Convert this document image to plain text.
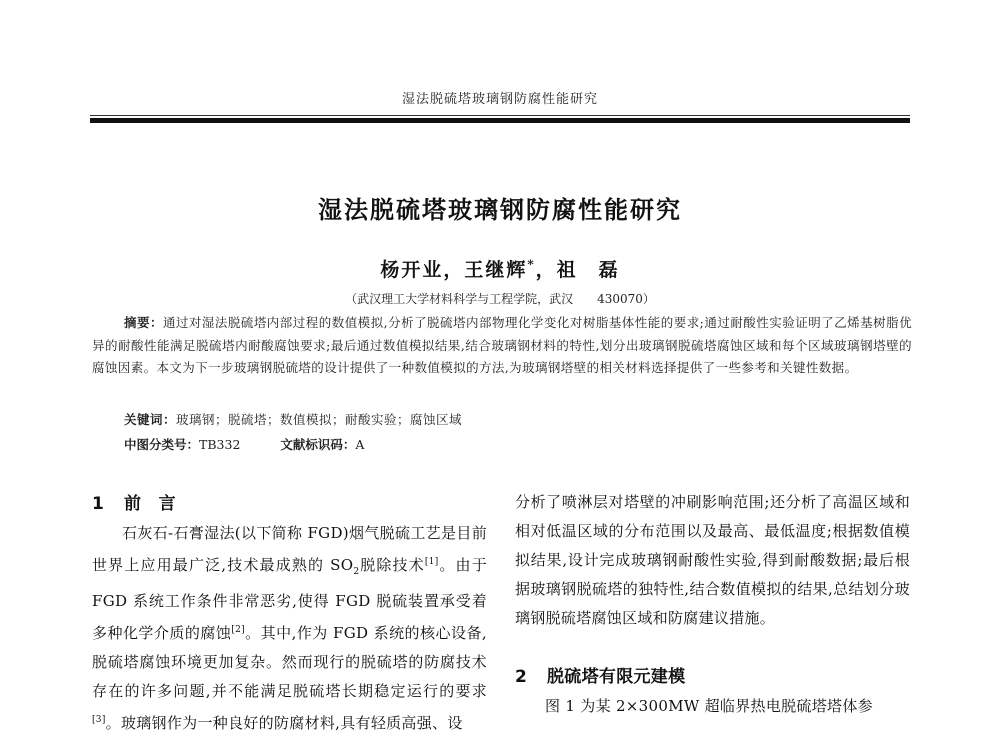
湿法脱硫塔玻璃钢防腐性能研究
湿法脱硫塔玻璃钢防腐性能研究
杨开业，王继辉*，祖　磊
（武汉理工大学材料科学与工程学院，武汉　　430070）
摘要：通过对湿法脱硫塔内部过程的数值模拟,分析了脱硫塔内部物理化学变化对树脂基体性能的要求;通过耐酸性实验证明了乙烯基树脂优异的耐酸性能满足脱硫塔内耐酸腐蚀要求;最后通过数值模拟结果,结合玻璃钢材料的特性,划分出玻璃钢脱硫塔腐蚀区域和每个区域玻璃钢塔壁的腐蚀因素。本文为下一步玻璃钢脱硫塔的设计提供了一种数值模拟的方法,为玻璃钢塔壁的相关材料选择提供了一些参考和关键性数据。
关键词：玻璃钢；脱硫塔；数值模拟；耐酸实验；腐蚀区域
中图分类号：TB332	文献标识码：A
1 前　言
石灰石-石膏湿法(以下简称 FGD)烟气脱硫工艺是目前世界上应用最广泛,技术最成熟的 $SO_2$脱除技术[1]。由于 FGD 系统工作条件非常恶劣,使得 FGD 脱硫装置承受着多种化学介质的腐蚀[2]。其中,作为 FGD 系统的核心设备,脱硫塔腐蚀环境更加复杂。然而现行的脱硫塔的防腐技术存在的许多问题,并不能满足脱硫塔长期稳定运行的要求[3]。玻璃钢作为一种良好的防腐材料,具有轻质高强、设
分析了喷淋层对塔壁的冲刷影响范围;还分析了高温区域和相对低温区域的分布范围以及最高、最低温度;根据数值模拟结果,设计完成玻璃钢耐酸性实验,得到耐酸数据;最后根据玻璃钢脱硫塔的独特性,结合数值模拟的结果,总结划分玻璃钢脱硫塔腐蚀区域和防腐建议措施。
2 脱硫塔有限元建模
图 1 为某 2×300MW 超临界热电脱硫塔塔体参
